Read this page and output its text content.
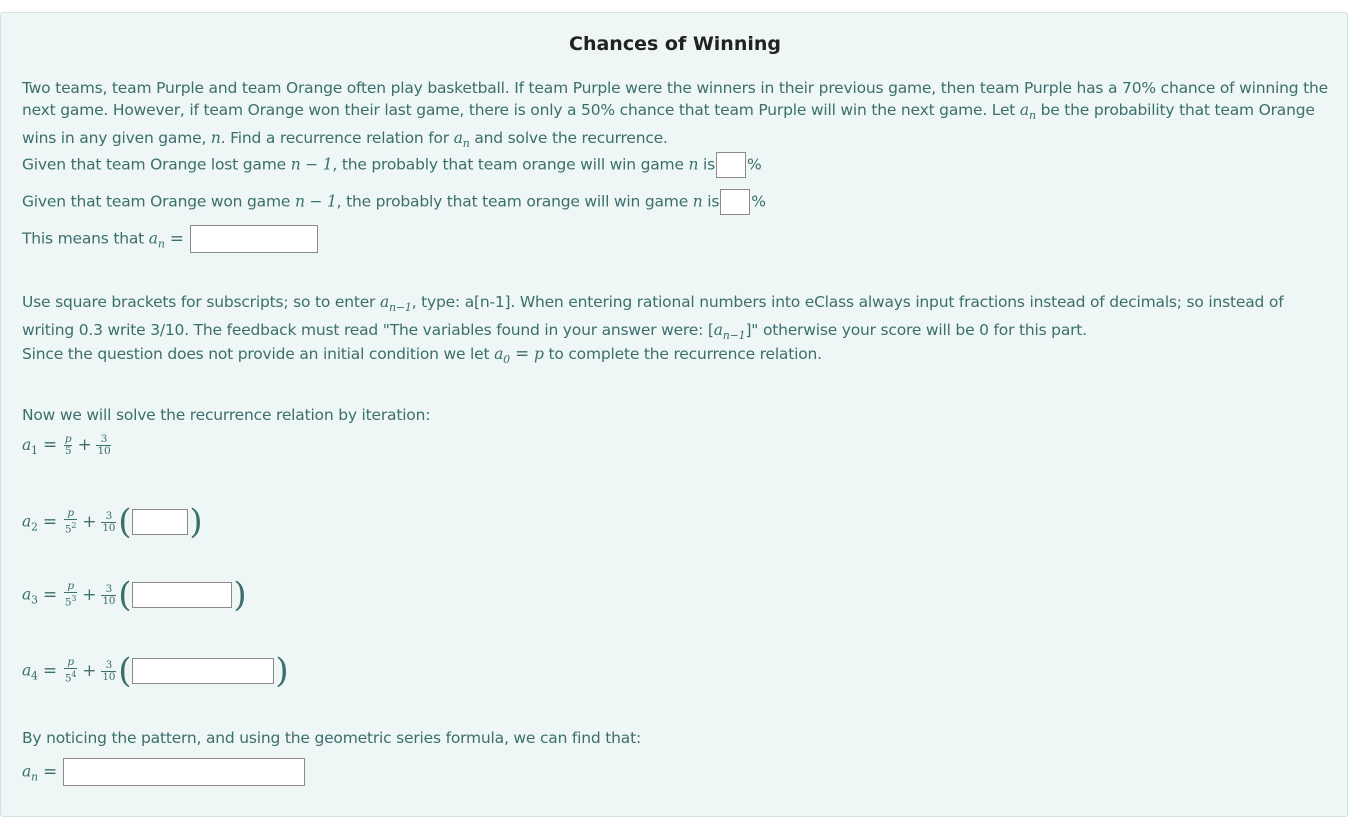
Chances of Winning
Two teams, team Purple and team Orange often play basketball. If team Purple were the winners in their previous game, then team Purple has a 70% chance of winning the next game. However, if team Orange won their last game, there is only a 50% chance that team Purple will win the next game. Let $a_n$ be the probability that team Orange wins in any given game, n. Find a recurrence relation for $a_n$ and solve the recurrence.
Given that team Orange lost game n − 1, the probably that team orange will win game n is %
Given that team Orange won game n − 1, the probably that team orange will win game n is %
This means that $a_n$ =
Use square brackets for subscripts; so to enter $a_{n-1}$, type: a[n-1]. When entering rational numbers into eClass always input fractions instead of decimals; so instead of writing 0.3 write 3/10. The feedback must read "The variables found in your answer were: $[a_{n-1}]$" otherwise your score will be 0 for this part.
Since the question does not provide an initial condition we let $a_0 = p$ to complete the recurrence relation.
Now we will solve the recurrence relation by iteration:
$a_1 = \frac{p}{5} + \frac{3}{10}$
$a_2 = \frac{p}{5^2} + \frac{3}{10}$ ( )
$a_3 = \frac{p}{5^3} + \frac{3}{10}$ (	)
$a_4 = \frac{p}{5^4} + \frac{3}{10}$ (	)
By noticing the pattern, and using the geometric series formula, we can find that:
$a_n$ =
